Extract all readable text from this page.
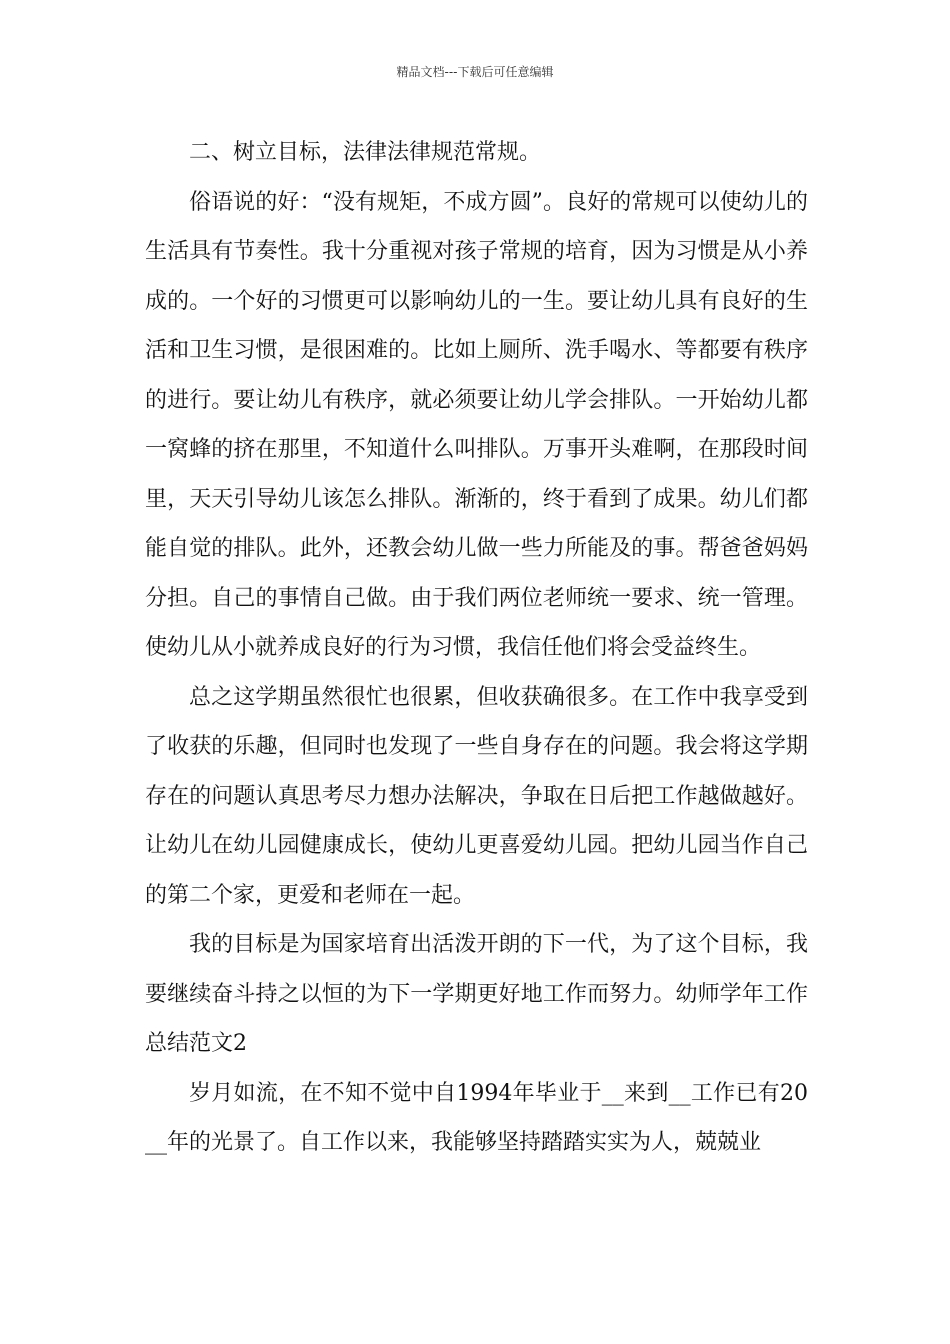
精品文档---下载后可任意编辑

二、树立目标，法律法律规范常规。

俗语说的好：“没有规矩，不成方圆”。良好的常规可以使幼儿的生活具有节奏性。我十分重视对孩子常规的培育，因为习惯是从小养成的。一个好的习惯更可以影响幼儿的一生。要让幼儿具有良好的生活和卫生习惯，是很困难的。比如上厕所、洗手喝水、等都要有秩序的进行。要让幼儿有秩序，就必须要让幼儿学会排队。一开始幼儿都一窝蜂的挤在那里，不知道什么叫排队。万事开头难啊，在那段时间里，天天引导幼儿该怎么排队。渐渐的，终于看到了成果。幼儿们都能自觉的排队。此外，还教会幼儿做一些力所能及的事。帮爸爸妈妈分担。自己的事情自己做。由于我们两位老师统一要求、统一管理。使幼儿从小就养成良好的行为习惯，我信任他们将会受益终生。

总之这学期虽然很忙也很累，但收获确很多。在工作中我享受到了收获的乐趣，但同时也发现了一些自身存在的问题。我会将这学期存在的问题认真思考尽力想办法解决，争取在日后把工作越做越好。让幼儿在幼儿园健康成长，使幼儿更喜爱幼儿园。把幼儿园当作自己的第二个家，更爱和老师在一起。

我的目标是为国家培育出活泼开朗的下一代，为了这个目标，我要继续奋斗持之以恒的为下一学期更好地工作而努力。幼师学年工作总结范文2

岁月如流，在不知不觉中自1994年毕业于__来到__工作已有20__年的光景了。自工作以来，我能够坚持踏踏实实为人，兢兢业
